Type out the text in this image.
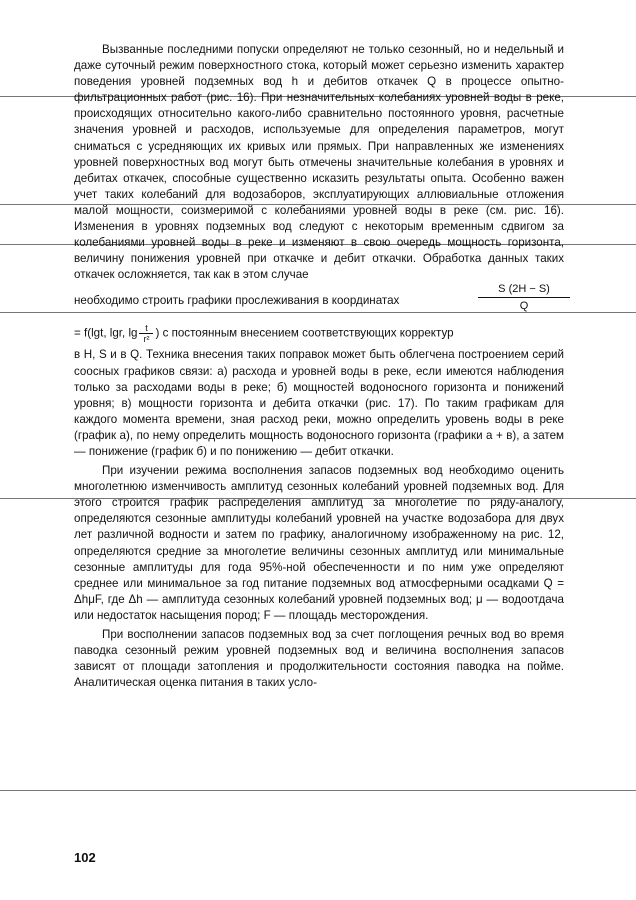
Вызванные последними попуски определяют не только сезонный, но и недельный и даже суточный режим поверхностного стока, который может серьезно изменить характер поведения уровней подземных вод h и дебитов откачек Q в процессе опытно-фильтрационных работ (рис. 16). При незначительных колебаниях уровней воды в реке, происходящих относительно какого-либо сравнительно постоянного уровня, расчетные значения уровней и расходов, используемые для определения параметров, могут сниматься с усредняющих их кривых или прямых. При направленных же изменениях уровней поверхностных вод могут быть отмечены значительные колебания в уровнях и дебитах откачек, способные существенно исказить результаты опыта. Особенно важен учет таких колебаний для водозаборов, эксплуатирующих аллювиальные отложения малой мощности, соизмеримой с колебаниями уровней воды в реке (см. рис. 16). Изменения в уровнях подземных вод следуют с некоторым временным сдвигом за колебаниями уровней воды в реке и изменяют в свою очередь мощность горизонта, величину понижения уровней при откачке и дебит откачки. Обработка данных таких откачек осложняется, так как в этом случае

необходимо строить графики прослеживания в координатах
S (2H − S)
Q
= f(lgt, lgr, $\lg \frac{t}{\text{r²}}$ ) с постоянным внесением соответствующих корректур

в H, S и в Q. Техника внесения таких поправок может быть облегчена построением серий соосных графиков связи: а) расхода и уровней воды в реке, если имеются наблюдения только за расходами воды в реке; б) мощностей водоносного горизонта и понижений уровня; в) мощности горизонта и дебита откачки (рис. 17). По таким графикам для каждого момента времени, зная расход реки, можно определить уровень воды в реке (график а), по нему определить мощность водоносного горизонта (графики а + в), а затем — понижение (график б) и по понижению — дебит откачки.

При изучении режима восполнения запасов подземных вод необходимо оценить многолетнюю изменчивость амплитуд сезонных колебаний уровней подземных вод. Для этого строится график распределения амплитуд за многолетие по ряду-аналогу, определяются сезонные амплитуды колебаний уровней на участке водозабора для двух лет различной водности и затем по графику, аналогичному изображенному на рис. 12, определяются средние за многолетие величины сезонных амплитуд или минимальные сезонные амплитуды для года 95%-ной обеспеченности и по ним уже определяют среднее или минимальное за год питание подземных вод атмосферными осадками Q = ΔhμF, где Δh — амплитуда сезонных колебаний уровней подземных вод; μ — водоотдача или недостаток насыщения пород; F — площадь месторождения.

При восполнении запасов подземных вод за счет поглощения речных вод во время паводка сезонный режим уровней подземных вод и величина восполнения запасов зависят от площади затопления и продолжительности состояния паводка на пойме. Аналитическая оценка питания в таких усло-

102
